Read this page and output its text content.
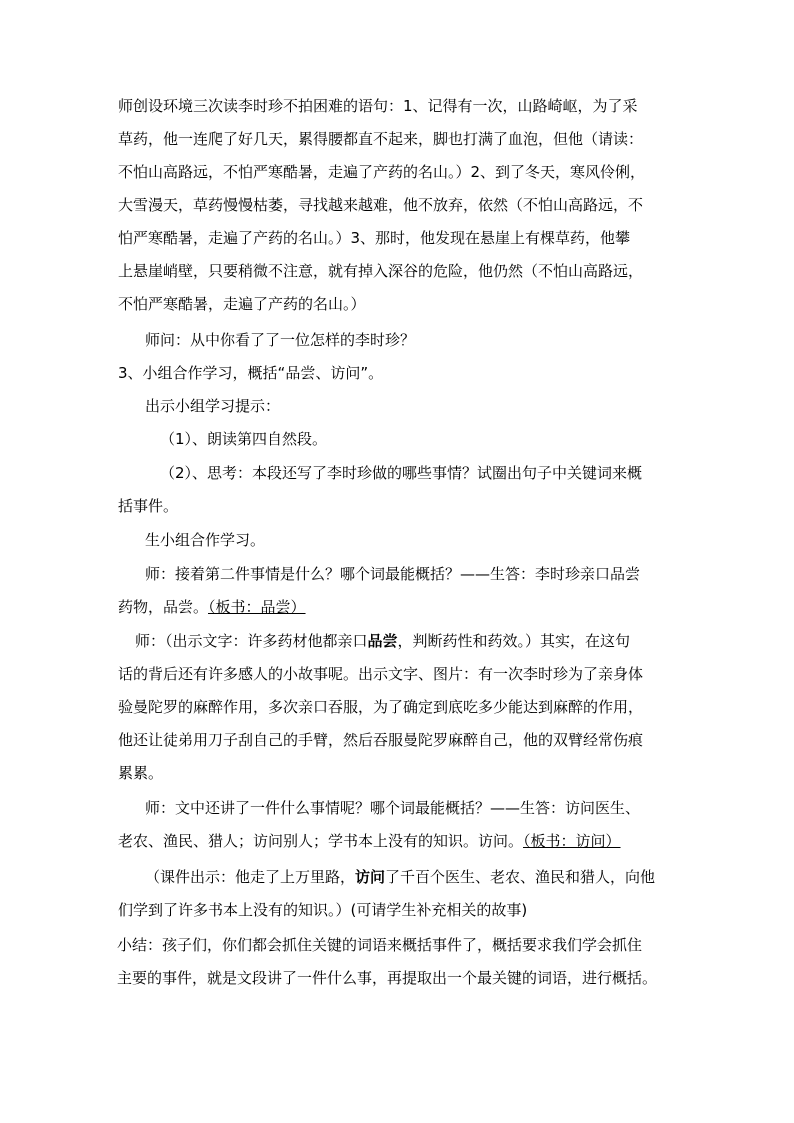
师创设环境三次读李时珍不拍困难的语句：1、记得有一次，山路崎岖，为了采
草药，他一连爬了好几天，累得腰都直不起来，脚也打满了血泡，但他（请读：
不怕山高路远，不怕严寒酷暑，走遍了产药的名山。）2、到了冬天，寒风伶俐，
大雪漫天，草药慢慢枯萎，寻找越来越难，他不放弃，依然（不怕山高路远，不
怕严寒酷暑，走遍了产药的名山。）3、那时，他发现在悬崖上有棵草药，他攀
上悬崖峭壁，只要稍微不注意，就有掉入深谷的危险，他仍然（不怕山高路远，
不怕严寒酷暑，走遍了产药的名山。）
师问：从中你看了了一位怎样的李时珍？
3、小组合作学习，概括“品尝、访问”。
出示小组学习提示：
（1）、朗读第四自然段。
（2）、思考：本段还写了李时珍做的哪些事情？试圈出句子中关键词来概
括事件。
生小组合作学习。
师：接着第二件事情是什么？哪个词最能概括？——生答：李时珍亲口品尝
药物，品尝。（板书：品尝）
师：（出示文字：许多药材他都亲口品尝，判断药性和药效。）其实，在这句
话的背后还有许多感人的小故事呢。出示文字、图片：有一次李时珍为了亲身体
验曼陀罗的麻醉作用，多次亲口吞服，为了确定到底吃多少能达到麻醉的作用，
他还让徒弟用刀子刮自己的手臂，然后吞服曼陀罗麻醉自己，他的双臂经常伤痕
累累。
师：文中还讲了一件什么事情呢？哪个词最能概括？——生答：访问医生、
老农、渔民、猎人；访问别人；学书本上没有的知识。访问。（板书：访问）
（课件出示：他走了上万里路，访问了千百个医生、老农、渔民和猎人，向他
们学到了许多书本上没有的知识。）(可请学生补充相关的故事)
小结：孩子们，你们都会抓住关键的词语来概括事件了，概括要求我们学会抓住
主要的事件，就是文段讲了一件什么事，再提取出一个最关键的词语，进行概括。
